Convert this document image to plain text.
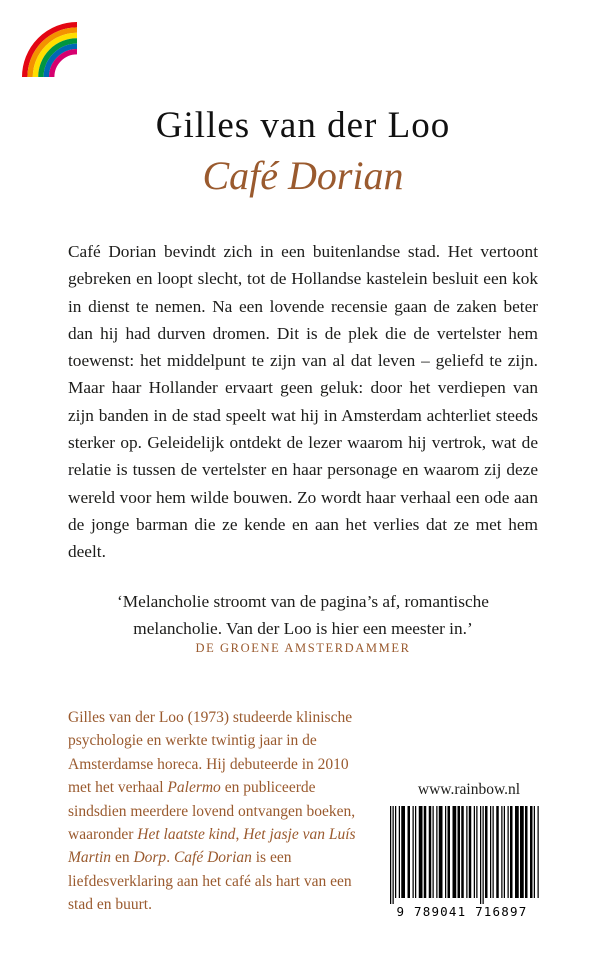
Gilles van der Loo
Café Dorian

Café Dorian bevindt zich in een buitenlandse stad. Het vertoont gebreken en loopt slecht, tot de Hollandse kastelein besluit een kok in dienst te nemen. Na een lovende recensie gaan de zaken beter dan hij had durven dromen. Dit is de plek die de vertelster hem toewenst: het middelpunt te zijn van al dat leven – geliefd te zijn. Maar haar Hollander ervaart geen geluk: door het verdiepen van zijn banden in de stad speelt wat hij in Amsterdam achterliet steeds sterker op. Geleidelijk ontdekt de lezer waarom hij vertrok, wat de relatie is tussen de vertelster en haar personage en waarom zij deze wereld voor hem wilde bouwen. Zo wordt haar verhaal een ode aan de jonge barman die ze kende en aan het verlies dat ze met hem deelt.

‘Melancholie stroomt van de pagina’s af, romantische
melancholie. Van der Loo is hier een meester in.’
DE GROENE AMSTERDAMMER
Gilles van der Loo (1973) studeerde klinische psychologie en werkte twintig jaar in de Amsterdamse horeca. Hij debuteerde in 2010 met het verhaal Palermo en publiceerde sindsdien meerdere lovend ontvangen boeken, waaronder Het laatste kind, Het jasje van Luís Martin en Dorp. Café Dorian is een liefdesverklaring aan het café als hart van een stad en buurt.
www.rainbow.nl
9 789041 716897
